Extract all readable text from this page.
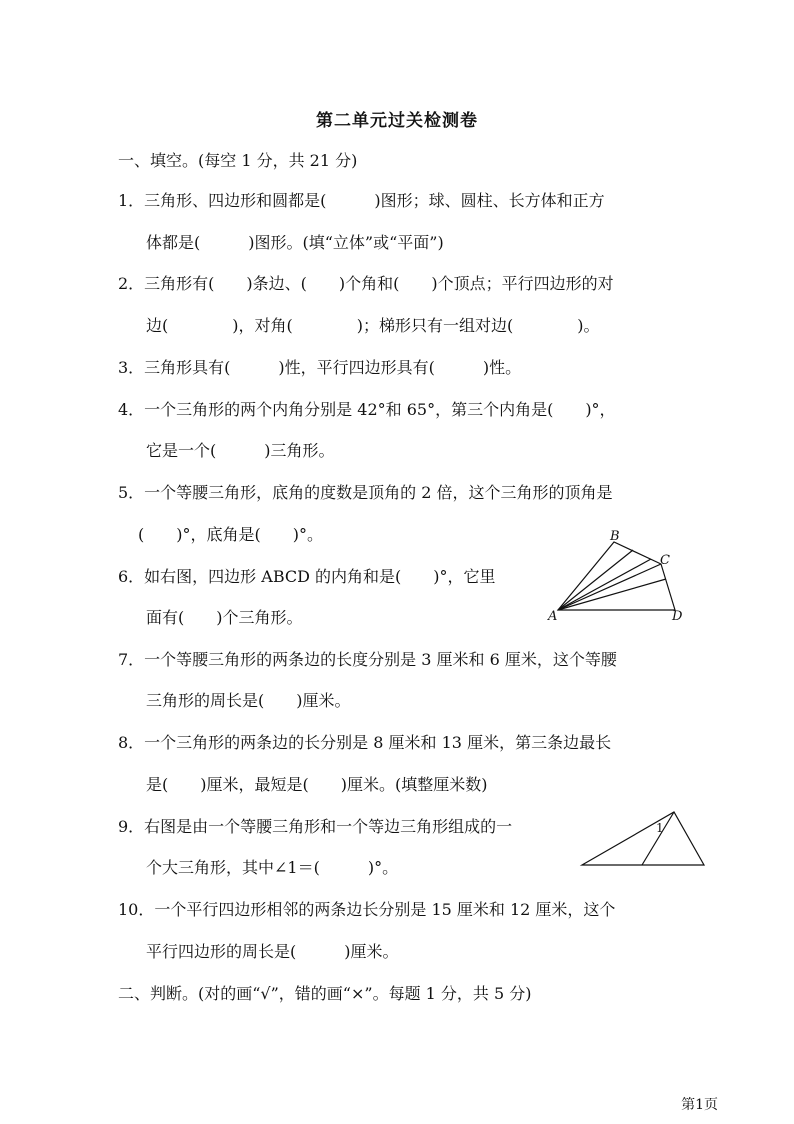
第二单元过关检测卷
一、填空。(每空 1 分，共 21 分)
1．三角形、四边形和圆都是(　　　)图形；球、圆柱、长方体和正方
体都是(　　　)图形。(填“立体”或“平面”)
2．三角形有(　　)条边、(　　)个角和(　　)个顶点；平行四边形的对
边(　　　　)，对角(　　　　)；梯形只有一组对边(　　　　)。
3．三角形具有(　　　)性，平行四边形具有(　　　)性。
4．一个三角形的两个内角分别是 42°和 65°，第三个内角是(　　)°，
它是一个(　　　)三角形。
5．一个等腰三角形，底角的度数是顶角的 2 倍，这个三角形的顶角是
(　　)°，底角是(　　)°。
6．如右图，四边形 ABCD 的内角和是(　　)°，它里
面有(　　)个三角形。	A
B
C
D
7．一个等腰三角形的两条边的长度分别是 3 厘米和 6 厘米，这个等腰
三角形的周长是(　　)厘米。
8．一个三角形的两条边的长分别是 8 厘米和 13 厘米，第三条边最长
是(　　)厘米，最短是(　　)厘米。(填整厘米数)
9．右图是由一个等腰三角形和一个等边三角形组成的一
个大三角形，其中∠1＝(　　　)°。
1
10．一个平行四边形相邻的两条边长分别是 15 厘米和 12 厘米，这个
平行四边形的周长是(　　　)厘米。
二、判断。(对的画“√”，错的画“×”。每题 1 分，共 5 分)
第1页
